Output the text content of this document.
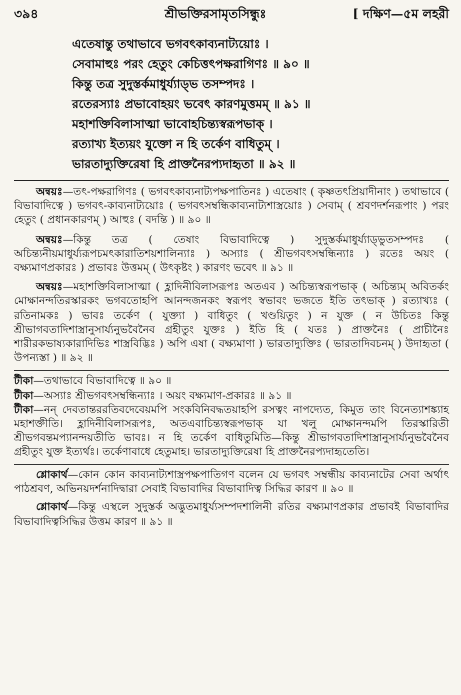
৩৯৪	শ্রীভক্তিরসামৃতসিন্ধুঃ	[ দক্ষিণ—৫ম লহরী
এতেষান্তু তথাভাবে ভগবৎকাব্যনাট্যয়োঃ ।
সেবামাহুঃ পরং হেতুং কেচিত্তৎপক্ষরাগিণঃ ॥ ৯০ ॥
কিন্তু তত্র সুদুস্তর্কমাধুর্য্যাড্ভ তসম্পদঃ ।
রতেরস্যাঃ প্রভাবোহয়ং ভবেৎ কারণমুত্তমম্ ॥ ৯১ ॥
মহাশক্তিবিলাসাত্মা ভাবোহচিন্ত্যস্বরূপভাক্ ।
রত্যাখ্য ইত্যয়ং যুক্তো ন হি তর্কেণ বাধিতুম্ ।
ভারতাদ্যুক্তিরেষা হি প্রাক্তনৈরপ্যদাহৃতা ॥ ৯২ ॥

অন্বয়ঃ—তৎ-পক্ষরাগিণঃ ( ভগবৎকাব্যনাট্যপক্ষপাতিনঃ ) এতেষাং ( কৃষ্ণতৎপ্রিয়াদীনাং ) তথাভাবে ( বিভাবাদিত্বে ) ভগবৎ-কাব্যনাট্যয়োঃ ( ভগবৎসম্বন্ধিকাব্যনাট্যশাস্ত্রয়োঃ ) সেবাম্ ( শ্রবণদর্শনরূপাং ) পরং হেতুং ( প্রধানকারণম্ ) আহুঃ ( বদন্তি ) ॥ ৯০ ॥

অন্বয়ঃ—কিন্তু তত্র ( তেষাং বিভাবাদিত্বে ) সুদুস্তর্কমাধুর্য্যাড্ভুতসম্পদঃ ( অচিন্ত্যনীয়মাধুর্য্যরূপচমৎকারাতিশয়শালিন্যাঃ ) অস্যাঃ ( শ্রীভগবৎসম্বন্ধিন্যাঃ ) রতেঃ অয়ং ( বক্ষ্যমাণপ্রকারঃ ) প্রভাবঃ উত্তমম্ ( উৎকৃষ্টং ) কারণং ভবেৎ ॥ ৯১ ॥

অন্বয়ঃ—মহাশক্তিবিলাসাত্মা ( হ্লাদিনীবিলাসরূপঃ অতএব ) অচিন্ত্যস্বরূপভাক্ ( অচিন্ত্যম্ অবিতর্কং মোক্ষানন্দতিরস্কারকং ভগবতোহপি আনন্দজনকং স্বরূপং স্বভাবং ভজতে ইতি তৎভাক্ ) রত্যাখ্যঃ ( রতিনামকঃ ) ভাবঃ তর্কেণ ( যুক্ত্যা ) বাধিতুং ( খণ্ডয়িতুং ) ন যুক্ত ( ন উচিতঃ কিন্তু শ্রীভাগবতাদিশাস্ত্রানুসার্য্যনুভবৈনৈব গ্রহীতুং যুক্তঃ ) ইতি হি ( যতঃ ) প্রাক্তনৈঃ ( প্রাচীনৈঃ শারীরকভাষ্যকারাদিভিঃ শাস্ত্রবিদ্ভিঃ ) অপি এষা ( বক্ষ্যমাণা ) ভারতাদ্যুক্তিঃ ( ভারতাদিবচনম্ ) উদাহৃতা ( উপন্যস্তা ) ॥ ৯২ ॥

টীকা—তথাভাবে বিভাবাদিত্বে ॥ ৯০ ॥

টীকা—অস্যাঃ শ্রীভগবৎসম্বন্ধিন্যাঃ । অয়ং বক্ষ্যমাণ-প্রকারঃ ॥ ৯১ ॥

টীকা—নন্ দেবতান্তররতিবদেবেয়মপি সংকবিনিবদ্ধতয়াহপি রসত্বং নাপদ্যেত, কিমুত তাং বিনেত্যাশঙ্ক্যাহ মহাশক্তীতি। হ্লাদিনীবিলাসরূপঃ, অতএবাচিন্ত্যস্বরূপভাক্ যা খলু মোক্ষানন্দমপি তিরস্কারিতী শ্রীভগবন্তমপ্যানন্দয়তীতি ভাবঃ। ন হি তর্কেণ বাধিতুমিতি—কিন্তু শ্রীভাগবতাদিশাস্ত্রানুসার্য্যনুভবৈনৈব গ্রহীতুং যুক্ত ইত্যর্থঃ। তর্কেণাবাধে হেতুমাহ। ভারতাদ্যুক্তিরেষা হি প্রাক্তনৈরপ্যদাহৃতেতি।

শ্লোকার্থ—কোন কোন কাব্যনাট্যশাস্ত্রপক্ষপাতিগণ বলেন যে ভগবৎ সম্বন্ধীয় কাব্যনাটের সেবা অর্থাৎ পাঠশ্রবণ, অভিনয়দর্শনাদিদ্বারা সেবাই বিভাবাদির বিভাবাদিত্ব সিদ্ধির কারণ ॥ ৯০ ॥

শ্লোকার্থ—কিন্তু এস্থলে সুদুস্তর্ক অদ্ভুতমাধুর্য্যসম্পদশালিনী রতির বক্ষ্যমাণপ্রকার প্রভাবই বিভাবাদির বিভাবাদিত্বসিদ্ধির উত্তম কারণ ॥ ৯১ ॥
